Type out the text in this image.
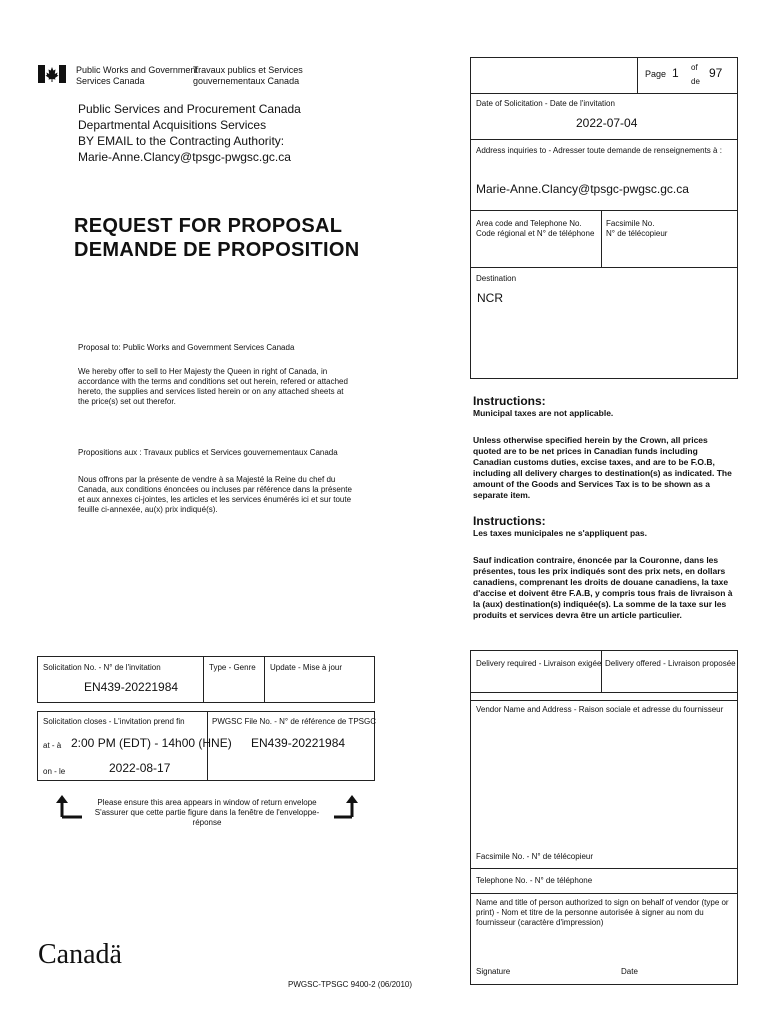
Public Works and Government
Services Canada
Travaux publics et Services
gouvernementaux Canada
Public Services and Procurement Canada
Departmental Acquisitions Services
BY EMAIL to the Contracting Authority:
Marie-Anne.Clancy@tpsgc-pwgsc.gc.ca
REQUEST FOR PROPOSAL
DEMANDE DE PROPOSITION
Proposal to: Public Works and Government Services Canada
We hereby offer to sell to Her Majesty the Queen in right of Canada, in accordance with the terms and conditions set out herein, refered or attached hereto, the supplies and services listed herein or on any attached sheets at the price(s) set out therefor.
Propositions aux : Travaux publics et Services gouvernementaux Canada
Nous offrons par la présente de vendre à sa Majesté la Reine du chef du Canada, aux conditions énoncées ou incluses par référence dans la présente et aux annexes ci-jointes, les articles et les services énumérés ici et sur toute feuille ci-annexée, au(x) prix indiqué(s).
Page 1 of
de
97
Date of Solicitation - Date de l'invitation
2022-07-04
Address inquiries to - Adresser toute demande de renseignements à :
Marie-Anne.Clancy@tpsgc-pwgsc.gc.ca
Area code and Telephone No.
Code régional et N° de téléphone
Facsimile No.
N° de télécopieur
Destination
NCR
Instructions:
Municipal taxes are not applicable.
Unless otherwise specified herein by the Crown, all prices quoted are to be net prices in Canadian funds including Canadian customs duties, excise taxes, and are to be F.O.B, including all delivery charges to destination(s) as indicated. The amount of the Goods and Services Tax is to be shown as a separate item.
Instructions:
Les taxes municipales ne s'appliquent pas.
Sauf indication contraire, énoncée par la Couronne, dans les présentes, tous les prix indiqués sont des prix nets, en dollars canadiens, comprenant les droits de douane canadiens, la taxe d'accise et doivent être F.A.B, y compris tous frais de livraison à la (aux) destination(s) indiquée(s). La somme de la taxe sur les produits et services devra être un article particulier.
Solicitation No. - N° de l'invitation
EN439-20221984
Type - Genre Update - Mise à jour
Solicitation closes - L'invitation prend fin
at - à 2:00 PM (EDT) - 14h00 (HNE)
on - le	2022-08-17
PWGSC File No. - N° de référence de TPSGC
EN439-20221984
Please ensure this area appears in window of return envelope
S'assurer que cette partie figure dans la fenêtre de l'enveloppe-réponse
Delivery required - Livraison exigée Delivery offered - Livraison proposée
Vendor Name and Address - Raison sociale et adresse du fournisseur
Facsimile No. - N° de télécopieur
Telephone No. - N° de téléphone
Name and title of person authorized to sign on behalf of vendor (type or print) - Nom et titre de la personne autorisée à signer au nom du fournisseur (caractère d'impression)
Signature	Date
Canadä
PWGSC-TPSGC 9400-2 (06/2010)
